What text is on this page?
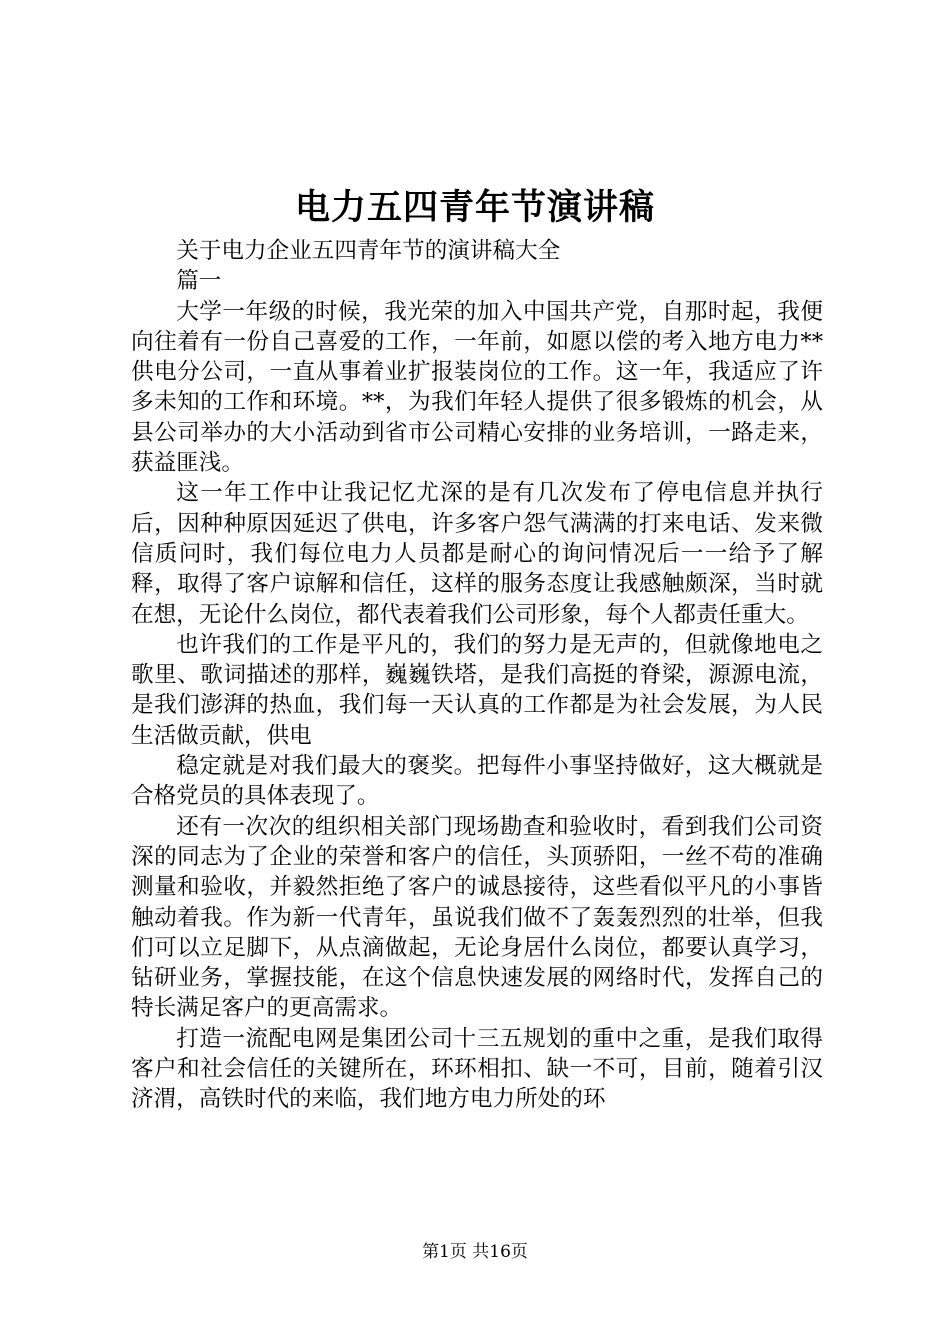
电力五四青年节演讲稿

关于电力企业五四青年节的演讲稿大全

篇一

大学一年级的时候，我光荣的加入中国共产党，自那时起，我便向往着有一份自己喜爱的工作，一年前，如愿以偿的考入地方电力**供电分公司，一直从事着业扩报装岗位的工作。这一年，我适应了许多未知的工作和环境。**，为我们年轻人提供了很多锻炼的机会，从县公司举办的大小活动到省市公司精心安排的业务培训，一路走来，获益匪浅。

这一年工作中让我记忆尤深的是有几次发布了停电信息并执行后，因种种原因延迟了供电，许多客户怨气满满的打来电话、发来微信质问时，我们每位电力人员都是耐心的询问情况后一一给予了解释，取得了客户谅解和信任，这样的服务态度让我感触颇深，当时就在想，无论什么岗位，都代表着我们公司形象，每个人都责任重大。

也许我们的工作是平凡的，我们的努力是无声的，但就像地电之歌里、歌词描述的那样，巍巍铁塔，是我们高挺的脊梁，源源电流，是我们澎湃的热血，我们每一天认真的工作都是为社会发展，为人民生活做贡献，供电

稳定就是对我们最大的褒奖。把每件小事坚持做好，这大概就是合格党员的具体表现了。

还有一次次的组织相关部门现场勘查和验收时，看到我们公司资深的同志为了企业的荣誉和客户的信任，头顶骄阳，一丝不苟的准确测量和验收，并毅然拒绝了客户的诚恳接待，这些看似平凡的小事皆触动着我。作为新一代青年，虽说我们做不了轰轰烈烈的壮举，但我们可以立足脚下，从点滴做起，无论身居什么岗位，都要认真学习，钻研业务，掌握技能，在这个信息快速发展的网络时代，发挥自己的特长满足客户的更高需求。

打造一流配电网是集团公司十三五规划的重中之重，是我们取得客户和社会信任的关键所在，环环相扣、缺一不可，目前，随着引汉济渭，高铁时代的来临，我们地方电力所处的环

第1页 共16页
